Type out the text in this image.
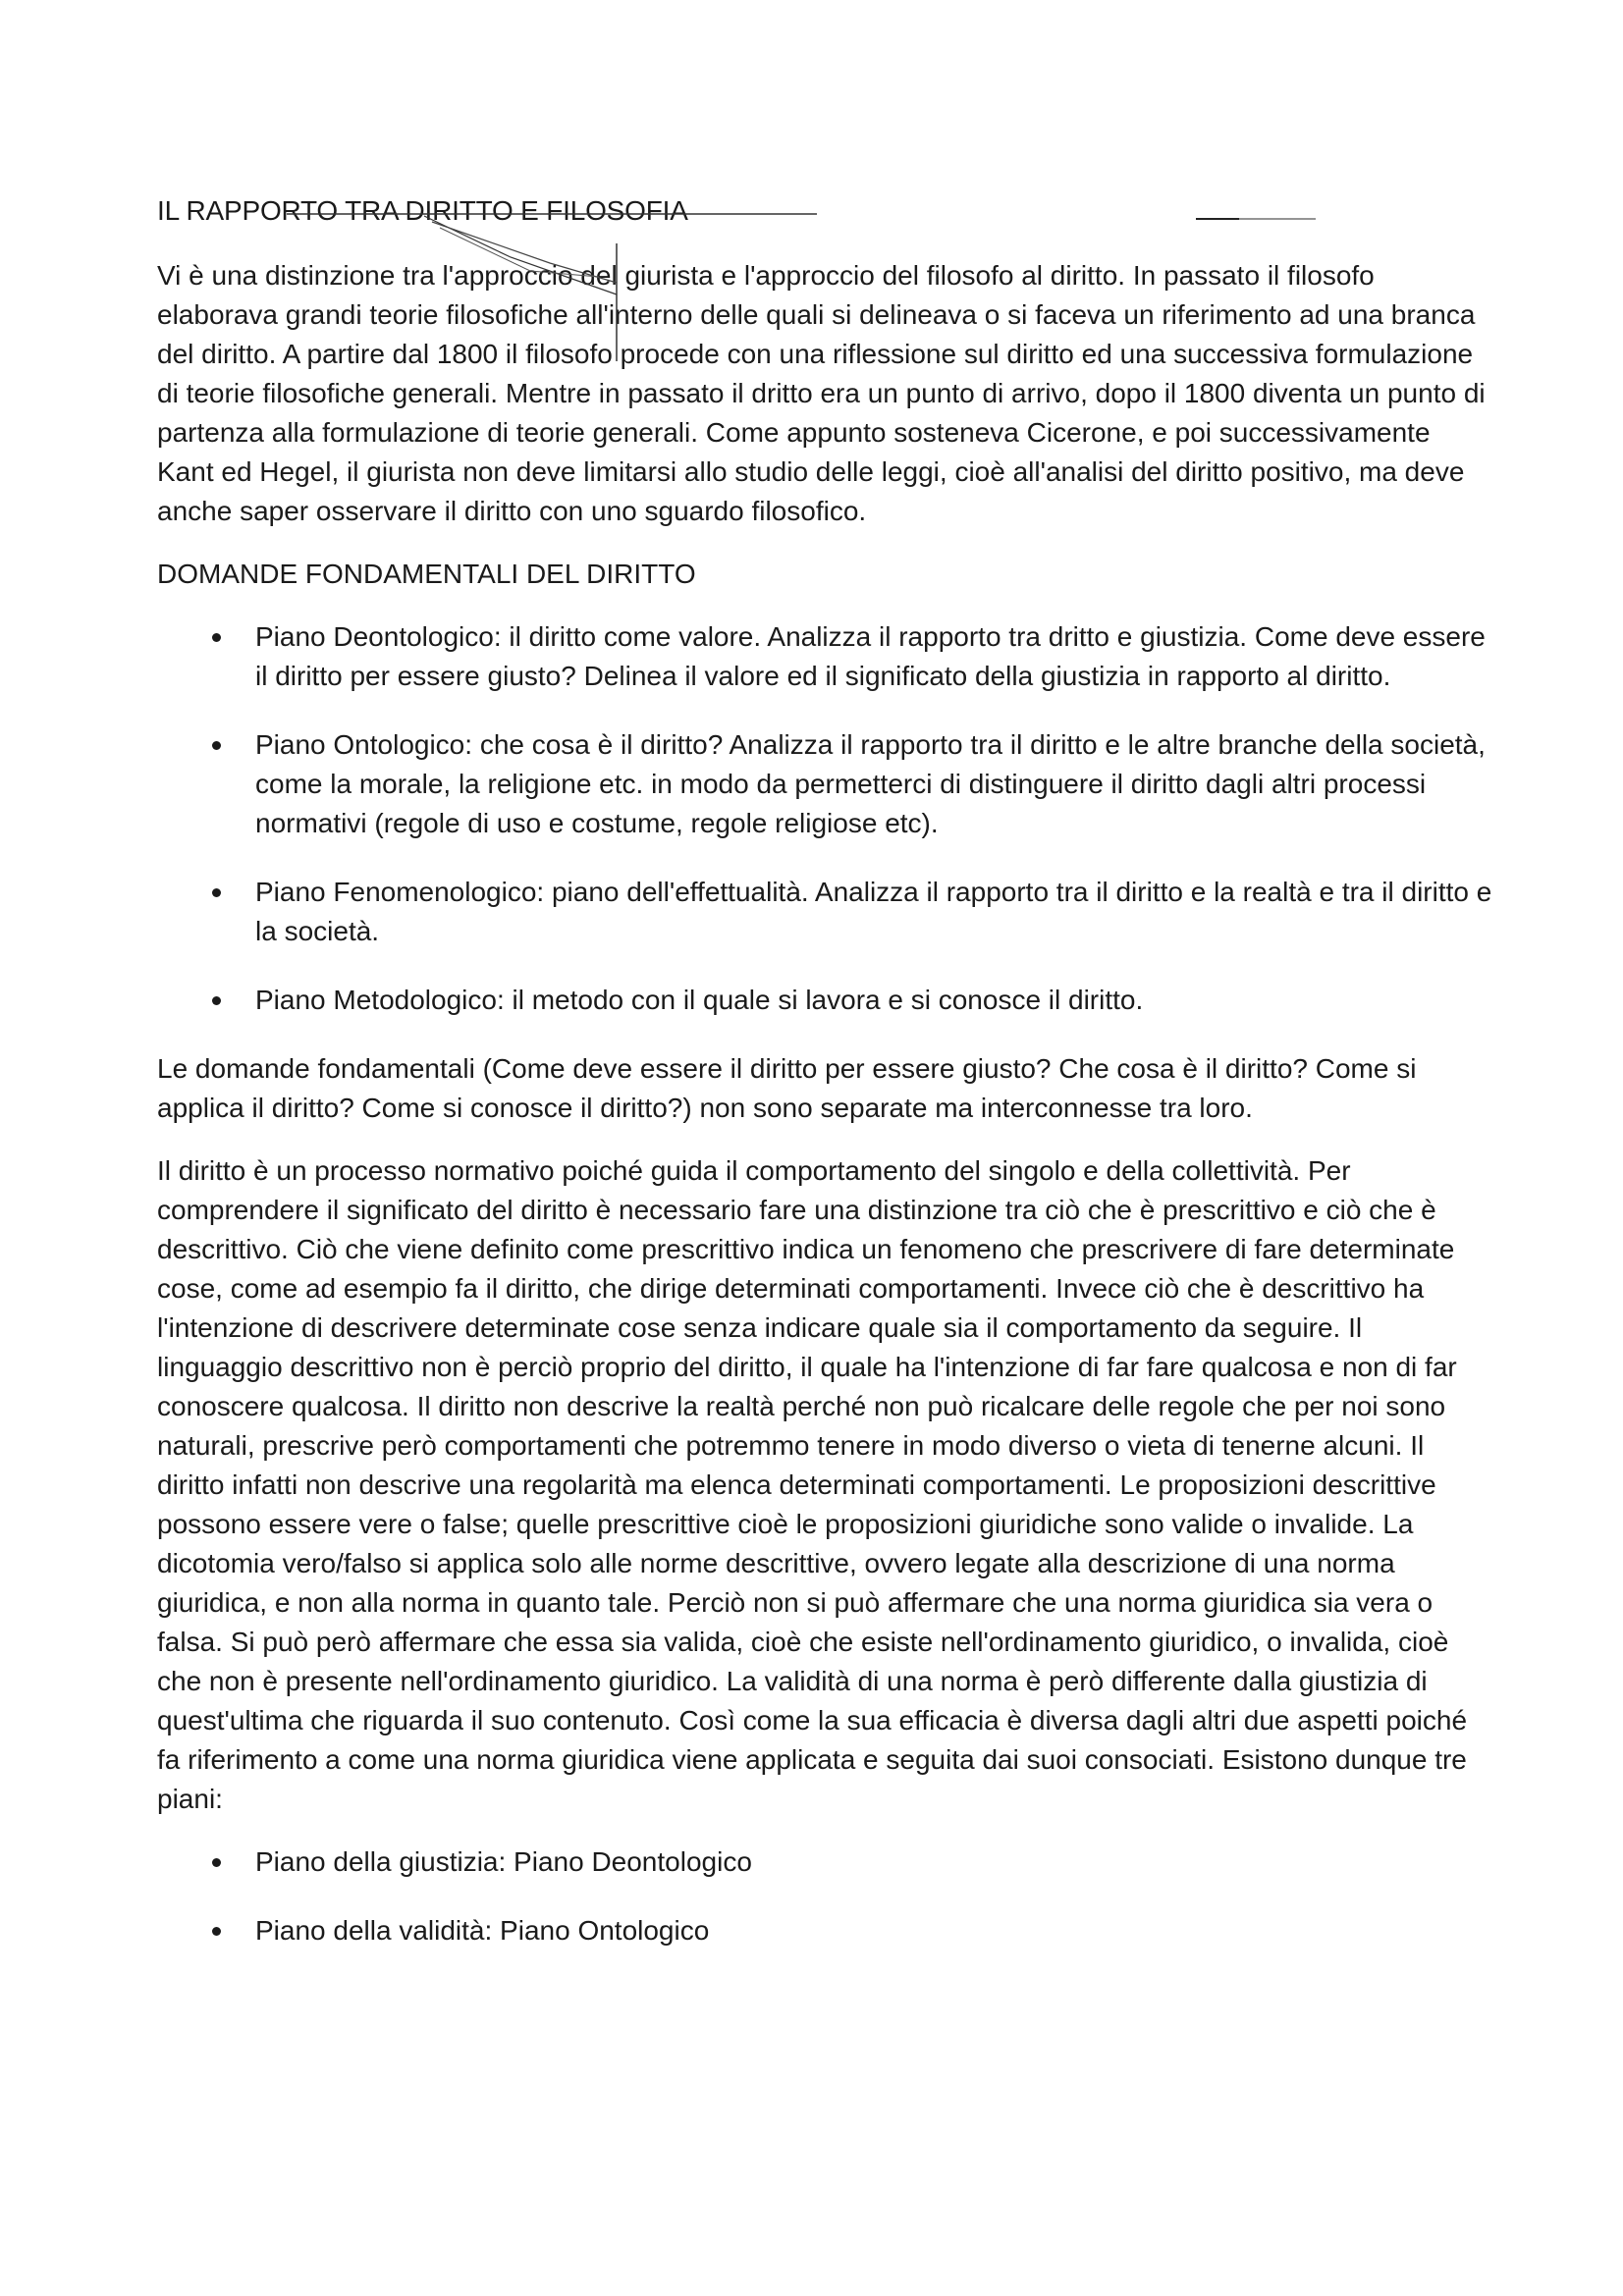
IL RAPPORTO TRA DIRITTO E FILOSOFIA

Vi è una distinzione tra l'approccio del giurista e l'approccio del filosofo al diritto. In passato il filosofo elaborava grandi teorie filosofiche all'interno delle quali si delineava o si faceva un riferimento ad una branca del diritto. A partire dal 1800 il filosofo procede con una riflessione sul diritto ed una successiva formulazione di teorie filosofiche generali. Mentre in passato il dritto era un punto di arrivo, dopo il 1800 diventa un punto di partenza alla formulazione di teorie generali. Come appunto sosteneva Cicerone, e poi successivamente Kant ed Hegel, il giurista non deve limitarsi allo studio delle leggi, cioè all'analisi del diritto positivo, ma deve anche saper osservare il diritto con uno sguardo filosofico.

DOMANDE FONDAMENTALI DEL DIRITTO
Piano Deontologico: il diritto come valore. Analizza il rapporto tra dritto e giustizia. Come deve essere il diritto per essere giusto? Delinea il valore ed il significato della giustizia in rapporto al diritto.
Piano Ontologico: che cosa è il diritto? Analizza il rapporto tra il diritto e le altre branche della società, come la morale, la religione etc. in modo da permetterci di distinguere il diritto dagli altri processi normativi (regole di uso e costume, regole religiose etc).
Piano Fenomenologico: piano dell'effettualità. Analizza il rapporto tra il diritto e la realtà e tra il diritto e la società.
Piano Metodologico: il metodo con il quale si lavora e si conosce il diritto.

Le domande fondamentali (Come deve essere il diritto per essere giusto? Che cosa è il diritto? Come si applica il diritto? Come si conosce il diritto?) non sono separate ma interconnesse tra loro.

Il diritto è un processo normativo poiché guida il comportamento del singolo e della collettività. Per comprendere il significato del diritto è necessario fare una distinzione tra ciò che è prescrittivo e ciò che è descrittivo. Ciò che viene definito come prescrittivo indica un fenomeno che prescrivere di fare determinate cose, come ad esempio fa il diritto, che dirige determinati comportamenti. Invece ciò che è descrittivo ha l'intenzione di descrivere determinate cose senza indicare quale sia il comportamento da seguire. Il linguaggio descrittivo non è perciò proprio del diritto, il quale ha l'intenzione di far fare qualcosa e non di far conoscere qualcosa. Il diritto non descrive la realtà perché non può ricalcare delle regole che per noi sono naturali, prescrive però comportamenti che potremmo tenere in modo diverso o vieta di tenerne alcuni. Il diritto infatti non descrive una regolarità ma elenca determinati comportamenti. Le proposizioni descrittive possono essere vere o false; quelle prescrittive cioè le proposizioni giuridiche sono valide o invalide. La dicotomia vero/falso si applica solo alle norme descrittive, ovvero legate alla descrizione di una norma giuridica, e non alla norma in quanto tale. Perciò non si può affermare che una norma giuridica sia vera o falsa. Si può però affermare che essa sia valida, cioè che esiste nell'ordinamento giuridico, o invalida, cioè che non è presente nell'ordinamento giuridico. La validità di una norma è però differente dalla giustizia di quest'ultima che riguarda il suo contenuto. Così come la sua efficacia è diversa dagli altri due aspetti poiché fa riferimento a come una norma giuridica viene applicata e seguita dai suoi consociati. Esistono dunque tre piani:

Piano della giustizia: Piano Deontologico
Piano della validità: Piano Ontologico
